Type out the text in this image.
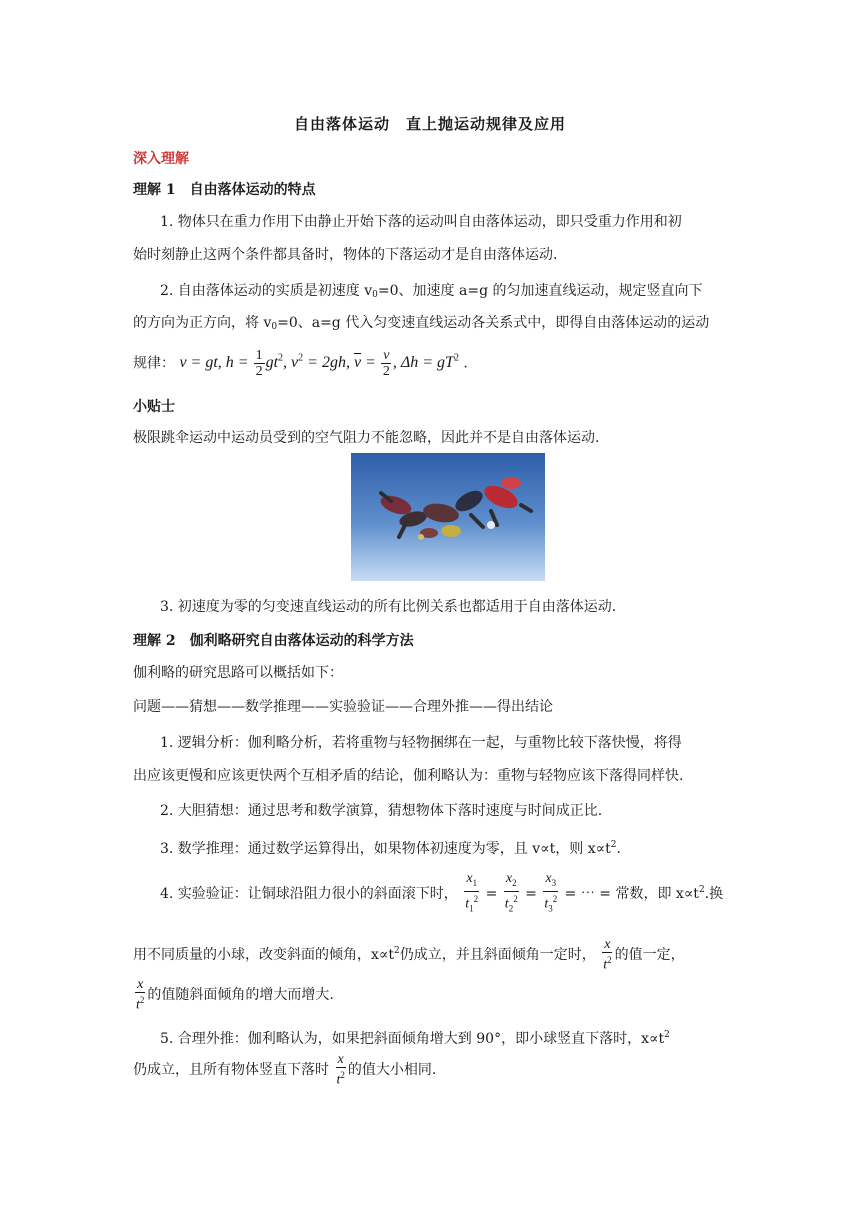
自由落体运动　直上抛运动规律及应用
深入理解
理解 1　自由落体运动的特点
1. 物体只在重力作用下由静止开始下落的运动叫自由落体运动，即只受重力作用和初
始时刻静止这两个条件都具备时，物体的下落运动才是自由落体运动.
2. 自由落体运动的实质是初速度 $v_0=0$、加速度 a=g 的匀加速直线运动，规定竖直向下
的方向为正方向，将 $v_0=0$、a=g 代入匀变速直线运动各关系式中，即得自由落体运动的运动
规律： v = gt, $h = \frac{1}{2} gt^2$, $v^2 = 2gh$, $\overline{v} = \frac{v}{2}$ , $\Delta h = gT^2$ .
小贴士
极限跳伞运动中运动员受到的空气阻力不能忽略，因此并不是自由落体运动.
3. 初速度为零的匀变速直线运动的所有比例关系也都适用于自由落体运动.
理解 2　伽利略研究自由落体运动的科学方法
伽利略的研究思路可以概括如下：
问题——猜想——数学推理——实验验证——合理外推——得出结论
1. 逻辑分析：伽利略分析，若将重物与轻物捆绑在一起，与重物比较下落快慢，将得
出应该更慢和应该更快两个互相矛盾的结论，伽利略认为：重物与轻物应该下落得同样快.
2. 大胆猜想：通过思考和数学演算，猜想物体下落时速度与时间成正比.
3. 数学推理：通过数学运算得出，如果物体初速度为零，且 v∝t，则 $x\propto t^2$.
4. 实验验证：让铜球沿阻力很小的斜面滚下时， $\frac{x_1}{t_1^2} = \frac{x_2}{t_2^2} = \frac{x_3}{t_3^2}$ = ⋯ = 常数，即 $x\propto t^2$.换
用不同质量的小球，改变斜面的倾角，$x\propto t^2$仍成立，并且斜面倾角一定时， $\frac{x}{t^2}$ 的值一定，
$\frac{x}{t^2}$ 的值随斜面倾角的增大而增大.
5. 合理外推：伽利略认为，如果把斜面倾角增大到 90°，即小球竖直下落时，$x\propto t^2$
仍成立，且所有物体竖直下落时 $\frac{x}{t^2}$ 的值大小相同.
